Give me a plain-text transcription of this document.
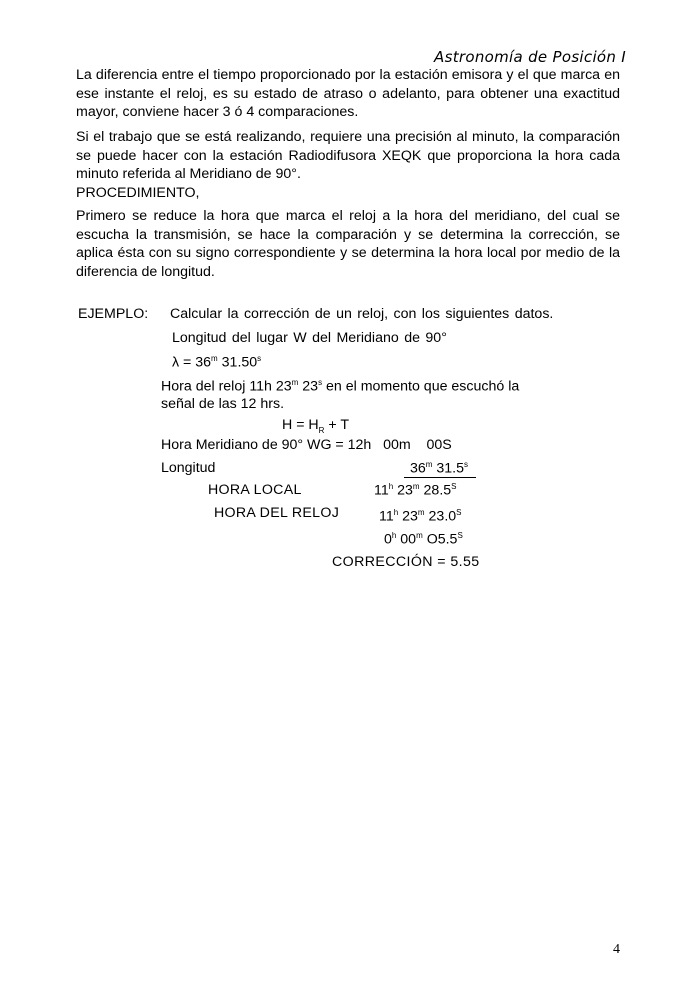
Astronomía de Posición I
La diferencia entre el tiempo proporcionado por la estación emisora y el que marca en ese instante el reloj, es su estado de atraso o adelanto, para obtener una exactitud mayor, conviene hacer 3 ó 4 comparaciones.
Si el trabajo que se está realizando, requiere una precisión al minuto, la comparación se puede hacer con la estación Radiodifusora XEQK que proporciona la hora cada minuto referida al Meridiano de 90°.
PROCEDIMIENTO,
Primero se reduce la hora que marca el reloj a la hora del meridiano, del cual se escucha la transmisión, se hace la comparación y se determina la corrección, se aplica ésta con su signo correspondiente y se determina la hora local por medio de la diferencia de longitud.
EJEMPLO: Calcular la corrección de un reloj, con los siguientes datos.
Longitud del lugar W del Meridiano de 90°
$\lambda = 36^m$ 31.50$^s$
Hora del reloj 11h 23$^m$ 23$^s$ en el momento que escuchó la
señal de las 12 hrs.
$H = H_R + T$
Hora Meridiano de 90° WG = 12h   00m    00S
Longitud	36$^m$ 31.5$^s$
HORA LOCAL	11$^h$ 23$^m$ $28.5^S$
HORA DEL RELOJ	11$^h$ 23$^m$ $23.0^S$
0$^h$ 00$^m$ $O5.5^S$
CORRECCIÓN = 5.55
4
